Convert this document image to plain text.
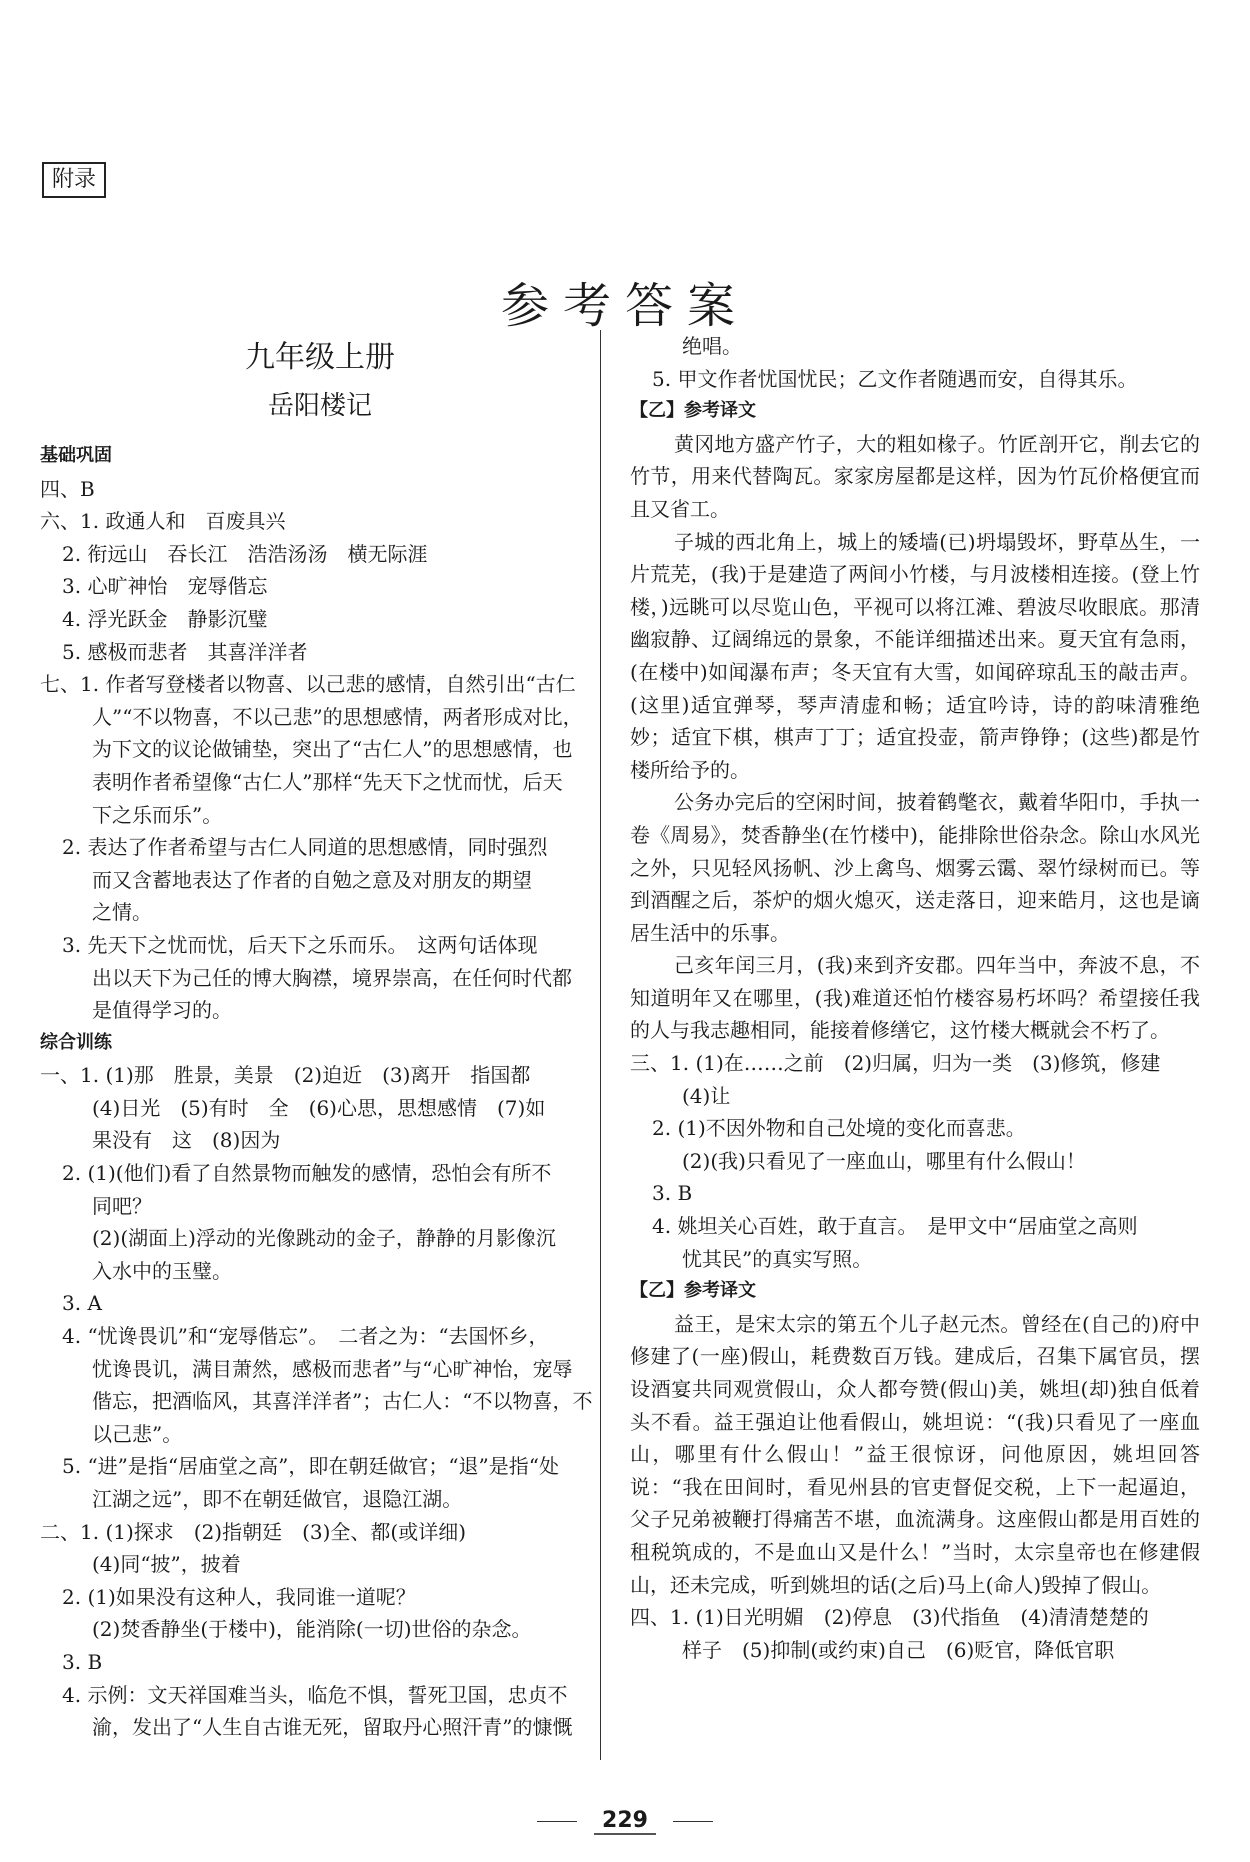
附录
参考答案
九年级上册
岳阳楼记
基础巩固
四、B
六、1. 政通人和　百废具兴
2. 衔远山　吞长江　浩浩汤汤　横无际涯
3. 心旷神怡　宠辱偕忘
4. 浮光跃金　静影沉璧
5. 感极而悲者　其喜洋洋者
七、1. 作者写登楼者以物喜、以己悲的感情，自然引出“古仁
人”“不以物喜，不以己悲”的思想感情，两者形成对比，
为下文的议论做铺垫，突出了“古仁人”的思想感情，也
表明作者希望像“古仁人”那样“先天下之忧而忧，后天
下之乐而乐”。
2. 表达了作者希望与古仁人同道的思想感情，同时强烈
而又含蓄地表达了作者的自勉之意及对朋友的期望
之情。
3. 先天下之忧而忧，后天下之乐而乐。　这两句话体现
出以天下为己任的博大胸襟，境界崇高，在任何时代都
是值得学习的。
综合训练
一、1. (1)那　胜景，美景　(2)迫近　(3)离开　指国都
(4)日光　(5)有时　全　(6)心思，思想感情　(7)如
果没有　这　(8)因为
2. (1)(他们)看了自然景物而触发的感情，恐怕会有所不
同吧？
(2)(湖面上)浮动的光像跳动的金子，静静的月影像沉
入水中的玉璧。
3. A
4. “忧谗畏讥”和“宠辱偕忘”。　二者之为：“去国怀乡，
忧谗畏讥，满目萧然，感极而悲者”与“心旷神怡，宠辱
偕忘，把酒临风，其喜洋洋者”；古仁人：“不以物喜，不
以己悲”。
5. “进”是指“居庙堂之高”，即在朝廷做官；“退”是指“处
江湖之远”，即不在朝廷做官，退隐江湖。
二、1. (1)探求　(2)指朝廷　(3)全、都(或详细)
(4)同“披”，披着
2. (1)如果没有这种人，我同谁一道呢？
(2)焚香静坐(于楼中)，能消除(一切)世俗的杂念。
3. B
4. 示例：文天祥国难当头，临危不惧，誓死卫国，忠贞不
渝，发出了“人生自古谁无死，留取丹心照汗青”的慷慨
绝唱。
5. 甲文作者忧国忧民；乙文作者随遇而安，自得其乐。
【乙】参考译文
黄冈地方盛产竹子，大的粗如椽子。竹匠剖开它，削去它的竹节，用来代替陶瓦。家家房屋都是这样，因为竹瓦价格便宜而且又省工。
子城的西北角上，城上的矮墙(已)坍塌毁坏，野草丛生，一片荒芜，(我)于是建造了两间小竹楼，与月波楼相连接。(登上竹楼，)远眺可以尽览山色，平视可以将江滩、碧波尽收眼底。那清幽寂静、辽阔绵远的景象，不能详细描述出来。夏天宜有急雨，(在楼中)如闻瀑布声；冬天宜有大雪，如闻碎琼乱玉的敲击声。(这里)适宜弹琴，琴声清虚和畅；适宜吟诗，诗的韵味清雅绝妙；适宜下棋，棋声丁丁；适宜投壶，箭声铮铮；(这些)都是竹楼所给予的。
公务办完后的空闲时间，披着鹤氅衣，戴着华阳巾，手执一卷《周易》，焚香静坐(在竹楼中)，能排除世俗杂念。除山水风光之外，只见轻风扬帆、沙上禽鸟、烟雾云霭、翠竹绿树而已。等到酒醒之后，茶炉的烟火熄灭，送走落日，迎来皓月，这也是谪居生活中的乐事。
己亥年闰三月，(我)来到齐安郡。四年当中，奔波不息，不知道明年又在哪里，(我)难道还怕竹楼容易朽坏吗？希望接任我的人与我志趣相同，能接着修缮它，这竹楼大概就会不朽了。
三、1. (1)在……之前　(2)归属，归为一类　(3)修筑，修建
(4)让
2. (1)不因外物和自己处境的变化而喜悲。
(2)(我)只看见了一座血山，哪里有什么假山！
3. B
4. 姚坦关心百姓，敢于直言。　是甲文中“居庙堂之高则
忧其民”的真实写照。
【乙】参考译文
益王，是宋太宗的第五个儿子赵元杰。曾经在(自己的)府中修建了(一座)假山，耗费数百万钱。建成后，召集下属官员，摆设酒宴共同观赏假山，众人都夸赞(假山)美，姚坦(却)独自低着头不看。益王强迫让他看假山，姚坦说：“(我)只看见了一座血山，哪里有什么假山！”益王很惊讶，问他原因，姚坦回答说：“我在田间时，看见州县的官吏督促交税，上下一起逼迫，父子兄弟被鞭打得痛苦不堪，血流满身。这座假山都是用百姓的租税筑成的，不是血山又是什么！”当时，太宗皇帝也在修建假山，还未完成，听到姚坦的话(之后)马上(命人)毁掉了假山。
四、1. (1)日光明媚　(2)停息　(3)代指鱼　(4)清清楚楚的
样子　(5)抑制(或约束)自己　(6)贬官，降低官职
229
